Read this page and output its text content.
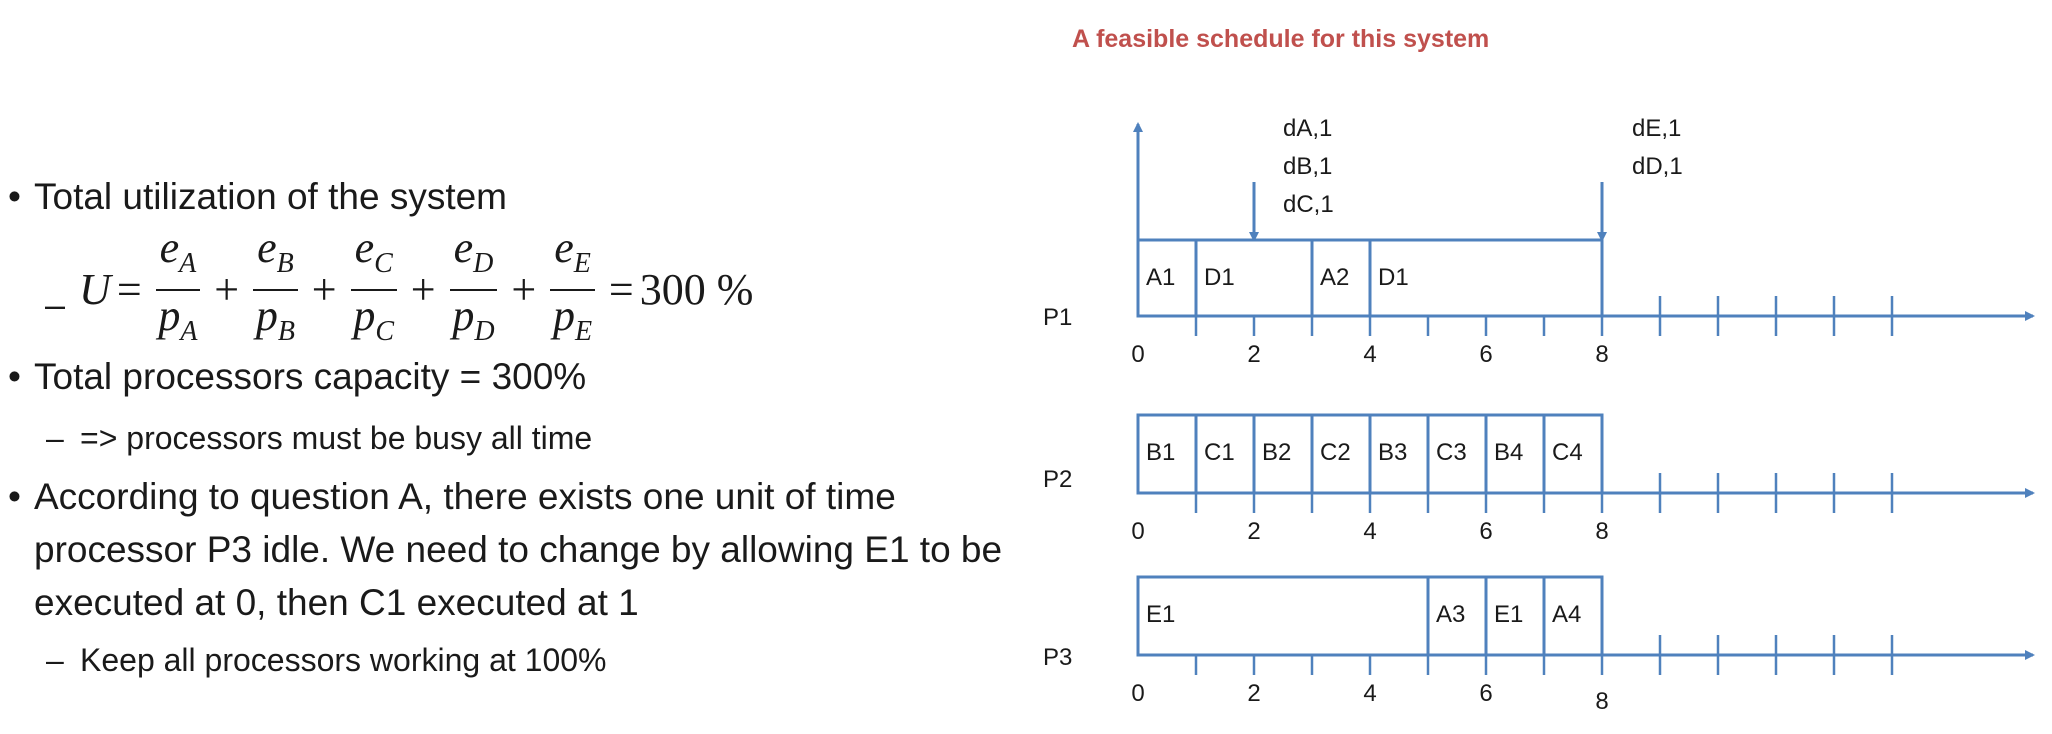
• Total utilization of the system
– $U = \frac{e_A}{p_A} + \frac{e_B}{p_B} + \frac{e_C}{p_C} + \frac{e_D}{p_D} + \frac{e_E}{p_E} = 300$ %
• Total processors capacity = 300%
– => processors must be busy all time
• According to question A, there exists one unit of time processor P3 idle. We need to change by allowing E1 to be executed at 0, then C1 executed at 1
– Keep all processors working at 100%
A feasible schedule for this system
dA,1
dB,1
dC,1
dE,1
dD,1
P1
A1 D1	A2 D1
0	2	4	6	8
P2
B1 C1 B2 C2 B3 C3 B4 C4
0	2	4	6	8
P3
E1	A3 E1 A4
0	2	4	6	8
